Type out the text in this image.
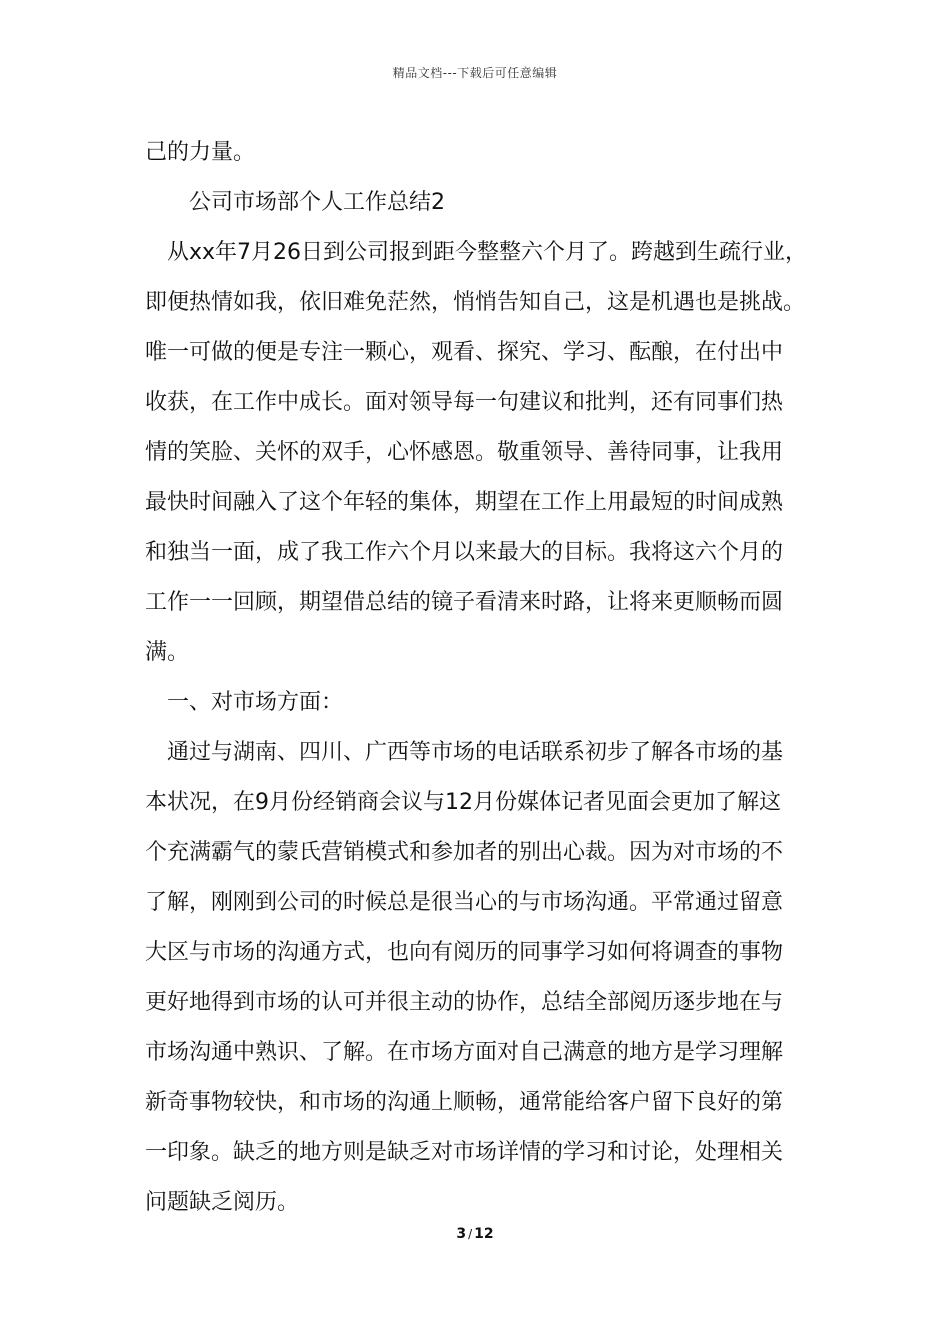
精品文档---下载后可任意编辑
己的力量。
公司市场部个人工作总结2
从xx年7月26日到公司报到距今整整六个月了。跨越到生疏行业，
即便热情如我，依旧难免茫然，悄悄告知自己，这是机遇也是挑战。
唯一可做的便是专注一颗心，观看、探究、学习、酝酿，在付出中
收获，在工作中成长。面对领导每一句建议和批判，还有同事们热
情的笑脸、关怀的双手，心怀感恩。敬重领导、善待同事，让我用
最快时间融入了这个年轻的集体，期望在工作上用最短的时间成熟
和独当一面，成了我工作六个月以来最大的目标。我将这六个月的
工作一一回顾，期望借总结的镜子看清来时路，让将来更顺畅而圆
满。
一、对市场方面：
通过与湖南、四川、广西等市场的电话联系初步了解各市场的基
本状况，在9月份经销商会议与12月份媒体记者见面会更加了解这
个充满霸气的蒙氏营销模式和参加者的别出心裁。因为对市场的不
了解，刚刚到公司的时候总是很当心的与市场沟通。平常通过留意
大区与市场的沟通方式，也向有阅历的同事学习如何将调查的事物
更好地得到市场的认可并很主动的协作，总结全部阅历逐步地在与
市场沟通中熟识、了解。在市场方面对自己满意的地方是学习理解
新奇事物较快，和市场的沟通上顺畅，通常能给客户留下良好的第
一印象。缺乏的地方则是缺乏对市场详情的学习和讨论，处理相关
问题缺乏阅历。
3 / 12
